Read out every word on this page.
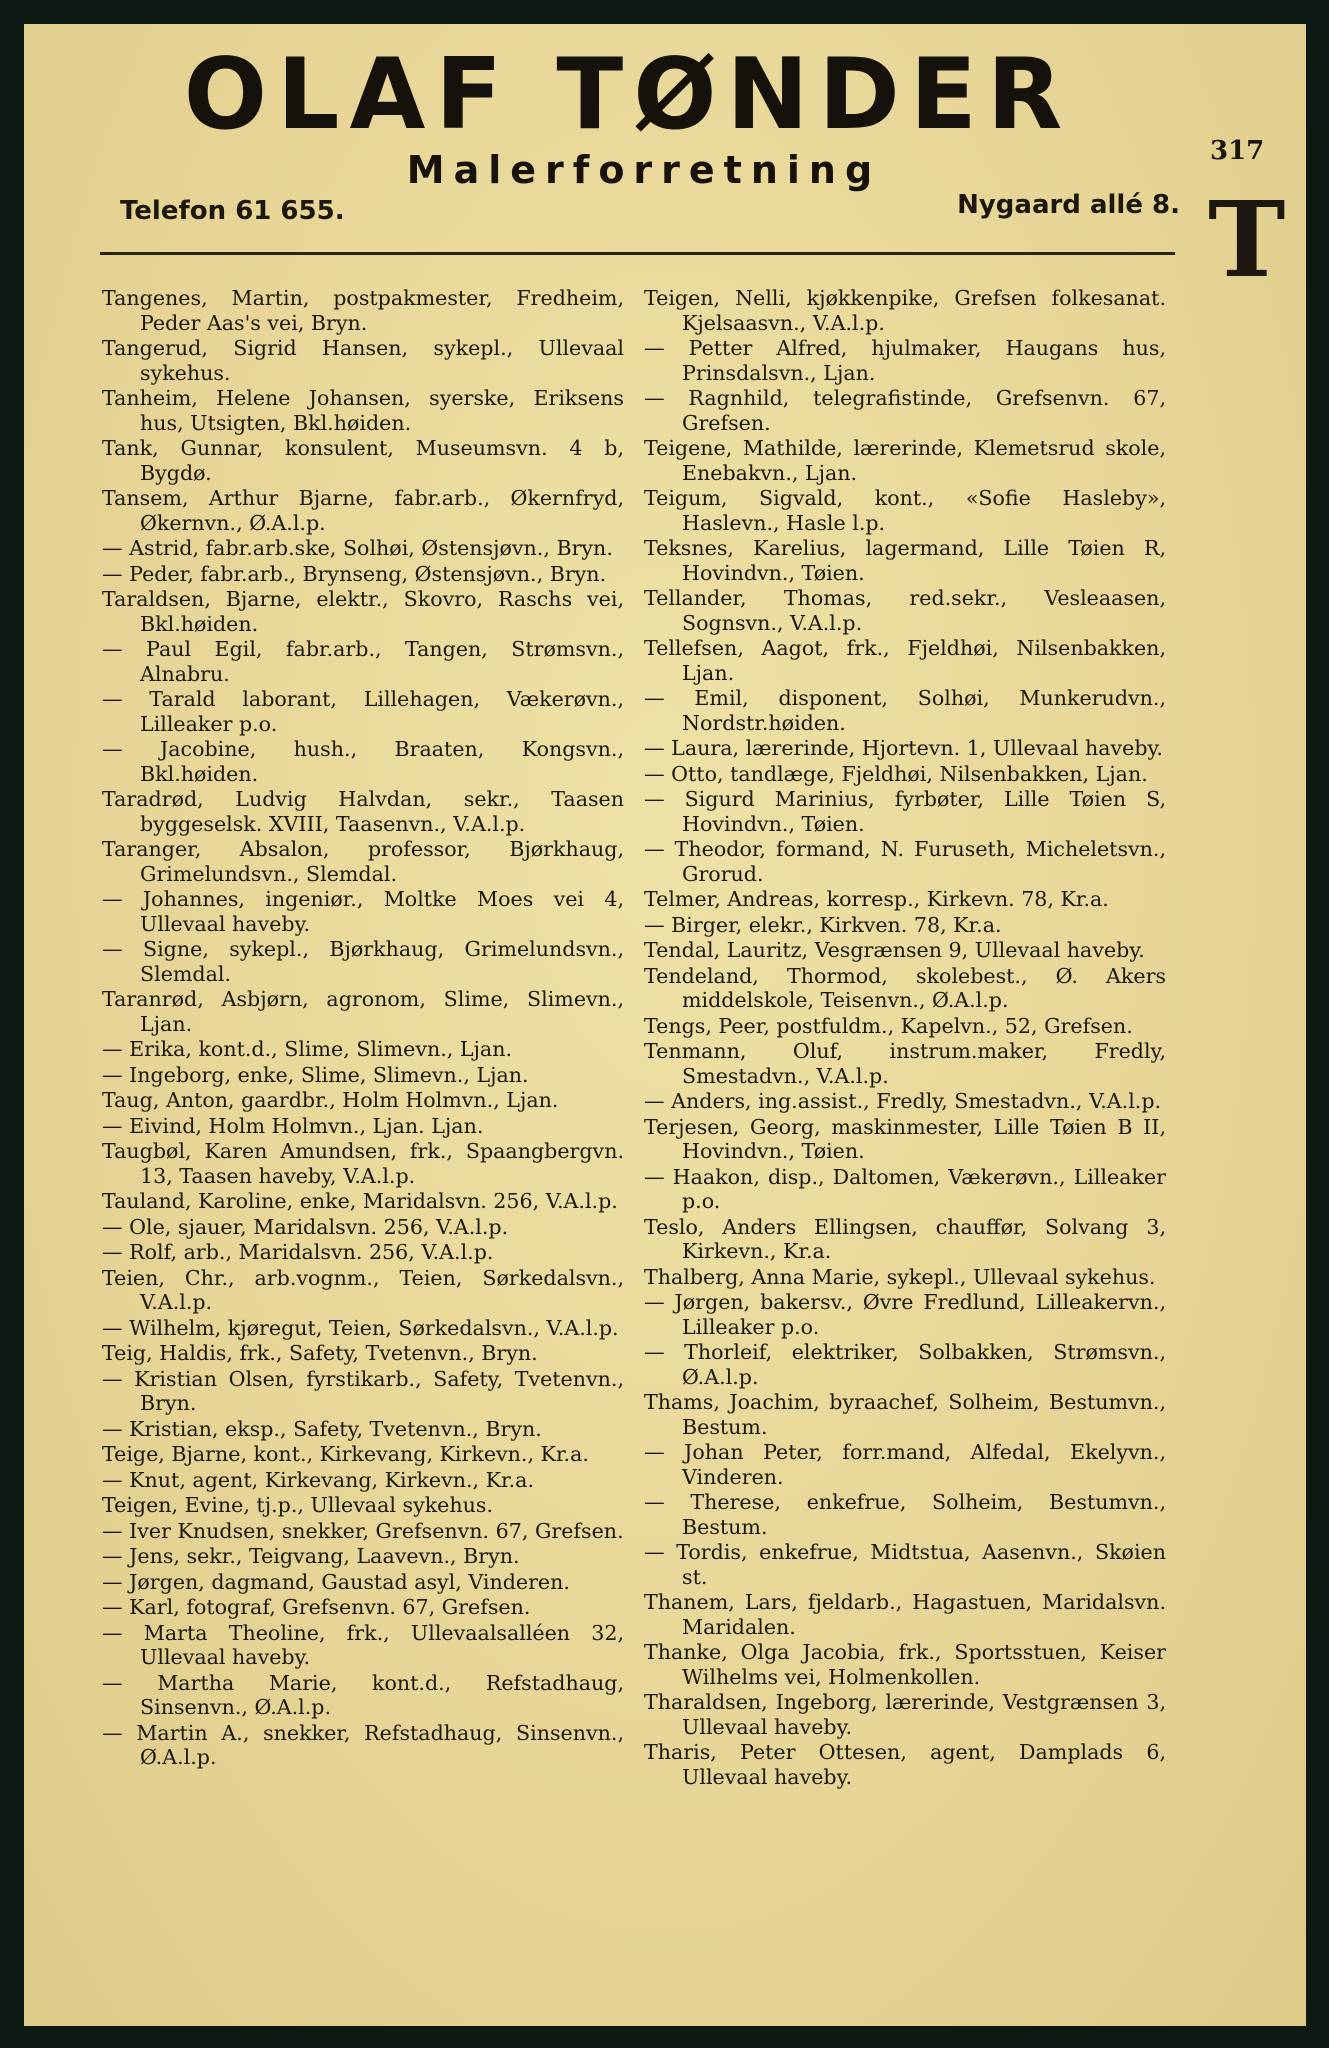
OLAF TØNDER
Malerforretning
Telefon 61 655.	Nygaard allé 8.
317
T
Tangenes, Martin, postpakmester, Fredheim, Peder Aas's vei, Bryn.
Tangerud, Sigrid Hansen, sykepl., Ullevaal sykehus.
Tanheim, Helene Johansen, syerske, Eriksens hus, Utsigten, Bkl.høiden.
Tank, Gunnar, konsulent, Museumsvn. 4 b, Bygdø.
Tansem, Arthur Bjarne, fabr.arb., Økernfryd, Økernvn., Ø.A.l.p.
— Astrid, fabr.arb.ske, Solhøi, Østensjøvn., Bryn.
— Peder, fabr.arb., Brynseng, Østensjøvn., Bryn.
Taraldsen, Bjarne, elektr., Skovro, Raschs vei, Bkl.høiden.
— Paul Egil, fabr.arb., Tangen, Strømsvn., Alnabru.
— Tarald laborant, Lillehagen, Vækerøvn., Lilleaker p.o.
— Jacobine, hush., Braaten, Kongsvn., Bkl.høiden.
Taradrød, Ludvig Halvdan, sekr., Taasen byggeselsk. XVIII, Taasenvn., V.A.l.p.
Taranger, Absalon, professor, Bjørkhaug, Grimelundsvn., Slemdal.
— Johannes, ingeniør., Moltke Moes vei 4, Ullevaal haveby.
— Signe, sykepl., Bjørkhaug, Grimelundsvn., Slemdal.
Taranrød, Asbjørn, agronom, Slime, Slimevn., Ljan.
— Erika, kont.d., Slime, Slimevn., Ljan.
— Ingeborg, enke, Slime, Slimevn., Ljan.
Taug, Anton, gaardbr., Holm Holmvn., Ljan.
— Eivind, Holm Holmvn., Ljan. Ljan.
Taugbøl, Karen Amundsen, frk., Spaangbergvn. 13, Taasen haveby, V.A.l.p.
Tauland, Karoline, enke, Maridalsvn. 256, V.A.l.p.
— Ole, sjauer, Maridalsvn. 256, V.A.l.p.
— Rolf, arb., Maridalsvn. 256, V.A.l.p.
Teien, Chr., arb.vognm., Teien, Sørkedalsvn., V.A.l.p.
— Wilhelm, kjøregut, Teien, Sørkedalsvn., V.A.l.p.
Teig, Haldis, frk., Safety, Tvetenvn., Bryn.
— Kristian Olsen, fyrstikarb., Safety, Tvetenvn., Bryn.
— Kristian, eksp., Safety, Tvetenvn., Bryn.
Teige, Bjarne, kont., Kirkevang, Kirkevn., Kr.a.
— Knut, agent, Kirkevang, Kirkevn., Kr.a.
Teigen, Evine, tj.p., Ullevaal sykehus.
— Iver Knudsen, snekker, Grefsenvn. 67, Grefsen.
— Jens, sekr., Teigvang, Laavevn., Bryn.
— Jørgen, dagmand, Gaustad asyl, Vinderen.
— Karl, fotograf, Grefsenvn. 67, Grefsen.
— Marta Theoline, frk., Ullevaalsalléen 32, Ullevaal haveby.
— Martha Marie, kont.d., Refstadhaug, Sinsenvn., Ø.A.l.p.
— Martin A., snekker, Refstadhaug, Sinsenvn., Ø.A.l.p.
Teigen, Nelli, kjøkkenpike, Grefsen folkesanat. Kjelsaasvn., V.A.l.p.
— Petter Alfred, hjulmaker, Haugans hus, Prinsdalsvn., Ljan.
— Ragnhild, telegrafistinde, Grefsenvn. 67, Grefsen.
Teigene, Mathilde, lærerinde, Klemetsrud skole, Enebakvn., Ljan.
Teigum, Sigvald, kont., «Sofie Hasleby», Haslevn., Hasle l.p.
Teksnes, Karelius, lagermand, Lille Tøien R, Hovindvn., Tøien.
Tellander, Thomas, red.sekr., Vesleaasen, Sognsvn., V.A.l.p.
Tellefsen, Aagot, frk., Fjeldhøi, Nilsenbakken, Ljan.
— Emil, disponent, Solhøi, Munkerudvn., Nordstr.høiden.
— Laura, lærerinde, Hjortevn. 1, Ullevaal haveby.
— Otto, tandlæge, Fjeldhøi, Nilsenbakken, Ljan.
— Sigurd Marinius, fyrbøter, Lille Tøien S, Hovindvn., Tøien.
— Theodor, formand, N. Furuseth, Micheletsvn., Grorud.
Telmer, Andreas, korresp., Kirkevn. 78, Kr.a.
— Birger, elekr., Kirkven. 78, Kr.a.
Tendal, Lauritz, Vesgrænsen 9, Ullevaal haveby.
Tendeland, Thormod, skolebest., Ø. Akers middelskole, Teisenvn., Ø.A.l.p.
Tengs, Peer, postfuldm., Kapelvn., 52, Grefsen.
Tenmann, Oluf, instrum.maker, Fredly, Smestadvn., V.A.l.p.
— Anders, ing.assist., Fredly, Smestadvn., V.A.l.p.
Terjesen, Georg, maskinmester, Lille Tøien B II, Hovindvn., Tøien.
— Haakon, disp., Daltomen, Vækerøvn., Lilleaker p.o.
Teslo, Anders Ellingsen, chauffør, Solvang 3, Kirkevn., Kr.a.
Thalberg, Anna Marie, sykepl., Ullevaal sykehus.
— Jørgen, bakersv., Øvre Fredlund, Lilleakervn., Lilleaker p.o.
— Thorleif, elektriker, Solbakken, Strømsvn., Ø.A.l.p.
Thams, Joachim, byraachef, Solheim, Bestumvn., Bestum.
— Johan Peter, forr.mand, Alfedal, Ekelyvn., Vinderen.
— Therese, enkefrue, Solheim, Bestumvn., Bestum.
— Tordis, enkefrue, Midtstua, Aasenvn., Skøien st.
Thanem, Lars, fjeldarb., Hagastuen, Maridalsvn. Maridalen.
Thanke, Olga Jacobia, frk., Sportsstuen, Keiser Wilhelms vei, Holmenkollen.
Tharaldsen, Ingeborg, lærerinde, Vestgrænsen 3, Ullevaal haveby.
Tharis, Peter Ottesen, agent, Damplads 6, Ullevaal haveby.
